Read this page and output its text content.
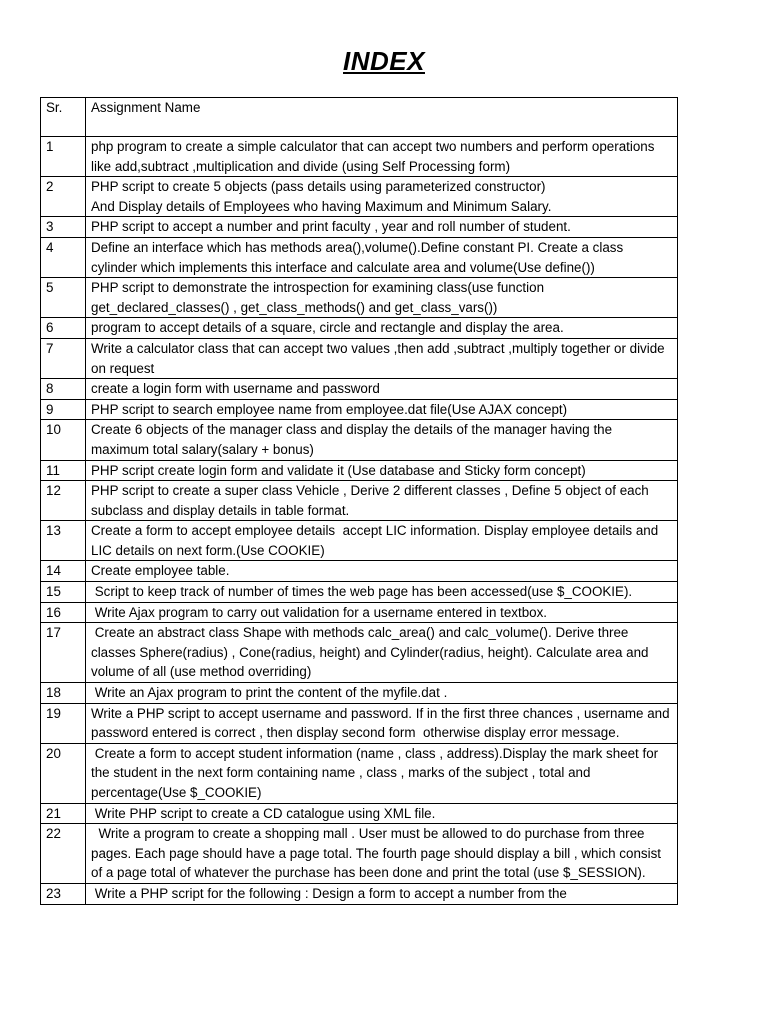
INDEX
Sr.	Assignment Name
1	php program to create a simple calculator that can accept two numbers and perform operations like add,subtract ,multiplication and divide (using Self Processing form)
2	PHP script to create 5 objects (pass details using parameterized constructor)
And Display details of Employees who having Maximum and Minimum Salary.
3	PHP script to accept a number and print faculty , year and roll number of student.
4	Define an interface which has methods area(),volume().Define constant PI. Create a class cylinder which implements this interface and calculate area and volume(Use define())
5	PHP script to demonstrate the introspection for examining class(use function get_declared_classes() , get_class_methods() and get_class_vars())
6	program to accept details of a square, circle and rectangle and display the area.
7	Write a calculator class that can accept two values ,then add ,subtract ,multiply together or divide on request
8	create a login form with username and password
9	PHP script to search employee name from employee.dat file(Use AJAX concept)
10	Create 6 objects of the manager class and display the details of the manager having the maximum total salary(salary + bonus)
11	PHP script create login form and validate it (Use database and Sticky form concept)
12	PHP script to create a super class Vehicle , Derive 2 different classes , Define 5 object of each subclass and display details in table format.
13	Create a form to accept employee details  accept LIC information. Display employee details and LIC details on next form.(Use COOKIE)
14	Create employee table.
15	Script to keep track of number of times the web page has been accessed(use $_COOKIE).
16	Write Ajax program to carry out validation for a username entered in textbox.
17	Create an abstract class Shape with methods calc_area() and calc_volume(). Derive three classes Sphere(radius) , Cone(radius, height) and Cylinder(radius, height). Calculate area and volume of all (use method overriding)
18	Write an Ajax program to print the content of the myfile.dat .
19	Write a PHP script to accept username and password. If in the first three chances , username and password entered is correct , then display second form  otherwise display error message.
20	Create a form to accept student information (name , class , address).Display the mark sheet for the student in the next form containing name , class , marks of the subject , total and percentage(Use $_COOKIE)
21	Write PHP script to create a CD catalogue using XML file.
22	Write a program to create a shopping mall . User must be allowed to do purchase from three pages. Each page should have a page total. The fourth page should display a bill , which consist of a page total of whatever the purchase has been done and print the total (use $_SESSION).
23	Write a PHP script for the following : Design a form to accept a number from the
